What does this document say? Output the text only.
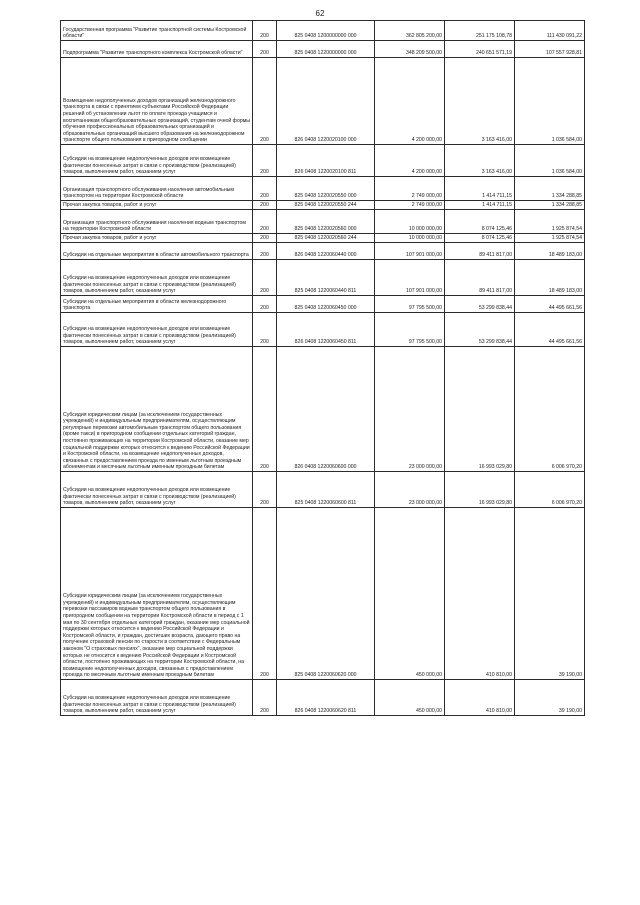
62
Государственная программа "Развитие транспортной системы Костромской области"	200	825 0408 1200000000 000	362 805 200,00	251 175 108,78	111 430 091,22
Подпрограмма "Развитие транспортного комплекса Костромской области"	200	825 0408 1220000000 000	348 209 500,00	240 651 571,19	107 557 928,81
Возмещение недополученных доходов организаций железнодорожного транспорта в связи с принятием субъектами Российской Федерации решений об установлении льгот по оплате проезда учащимся и воспитанникам общеобразовательных организаций, студентам очной формы обучения профессиональных образовательных организаций и образовательных организаций высшего образования на железнодорожном транспорте общего пользования в пригородном сообщении	200	826 0408 1220020100 000	4 200 000,00	3 163 416,00	1 036 584,00
Субсидии на возмещение недополученных доходов или возмещение фактически понесенных затрат в связи с производством (реализацией) товаров, выполнением работ, оказанием услуг	200	826 0408 1220020100 811	4 200 000,00	3 163 416,00	1 036 584,00
Организация транспортного обслуживания населения автомобильным транспортом на территории Костромской области	200	825 0408 1220020550 000	2 749 000,00	1 414 711,15	1 334 288,85
Прочая закупка товаров, работ и услуг	200	825 0408 1220020550 244	2 749 000,00	1 414 711,15	1 334 288,85
Организация транспортного обслуживания населения водным транспортом на территории Костромской области	200	825 0408 1220020560 000	10 000 000,00	8 074 125,46	1 925 874,54
Прочая закупка товаров, работ и услуг	200	825 0408 1220020560 244	10 000 000,00	8 074 125,46	1 925 874,54
Субсидии на отдельные мероприятия в области автомобильного транспорта	200	826 0408 1220060440 000	107 901 000,00	89 411 817,00	18 489 183,00
Субсидии на возмещение недополученных доходов или возмещение фактически понесенных затрат в связи с производством (реализацией) товаров, выполнением работ, оказанием услуг	200	825 0408 1220060440 811	107 901 000,00	89 411 817,00	18 489 183,00
Субсидии на отдельные мероприятия в области железнодорожного транспорта	200	825 0408 1220060450 000	97 795 500,00	53 299 838,44	44 495 661,56
Субсидии на возмещение недополученных доходов или возмещение фактически понесенных затрат в связи с производством (реализацией) товаров, выполнением работ, оказанием услуг	200	826 0408 1220060450 811	97 795 500,00	53 299 838,44	44 495 661,56
Субсидия юридическим лицам (за исключением государственных учреждений) и индивидуальным предпринимателям, осуществляющим регулярные перевозки автомобильным транспортом общего пользования (кроме такси) в пригородном сообщении отдельных категорий граждан, постоянно проживающих на территории Костромской области, оказание мер социальной поддержки которых относится к ведению Российской Федерации и Костромской области, на возмещение недополученных доходов, связанных с предоставлением проезда по именным льготным проездным абонементам и месячным льготным именным проездным билетам	200	826 0408 1220060600 000	23 000 000,00	16 993 029,80	6 006 970,20
Субсидии на возмещение недополученных доходов или возмещение фактически понесенных затрат в связи с производством (реализацией) товаров, выполнением работ, оказанием услуг	200	825 0408 1220060600 811	23 000 000,00	16 993 029,80	6 006 970,20
Субсидии юридическим лицам (за исключением государственных учреждений) и индивидуальным предпринимателям, осуществляющим перевозки пассажиров водным транспортом общего пользования в пригородном сообщении на территории Костромской области в период с 1 мая по 30 сентября отдельных категорий граждан, оказание мер социальной поддержки которых относится к ведению Российской Федерации и Костромской области, и граждан, достигших возраста, дающего право на получение страховой пенсии по старости в соответствии с Федеральным законом "О страховых пенсиях", оказание мер социальной поддержки которых не относится к ведению Российской Федерации и Костромской области, постоянно проживающих на территории Костромской области, на возмещение недополученных доходов, связанных с предоставлением проезда по месячным льготным именным проездным билетам	200	825 0408 1220060620 000	450 000,00	410 810,00	39 190,00
Субсидии на возмещение недополученных доходов или возмещение фактически понесенных затрат в связи с производством (реализацией) товаров, выполнением работ, оказанием услуг	200	826 0408 1220060620 811	450 000,00	410 810,00	39 190,00
